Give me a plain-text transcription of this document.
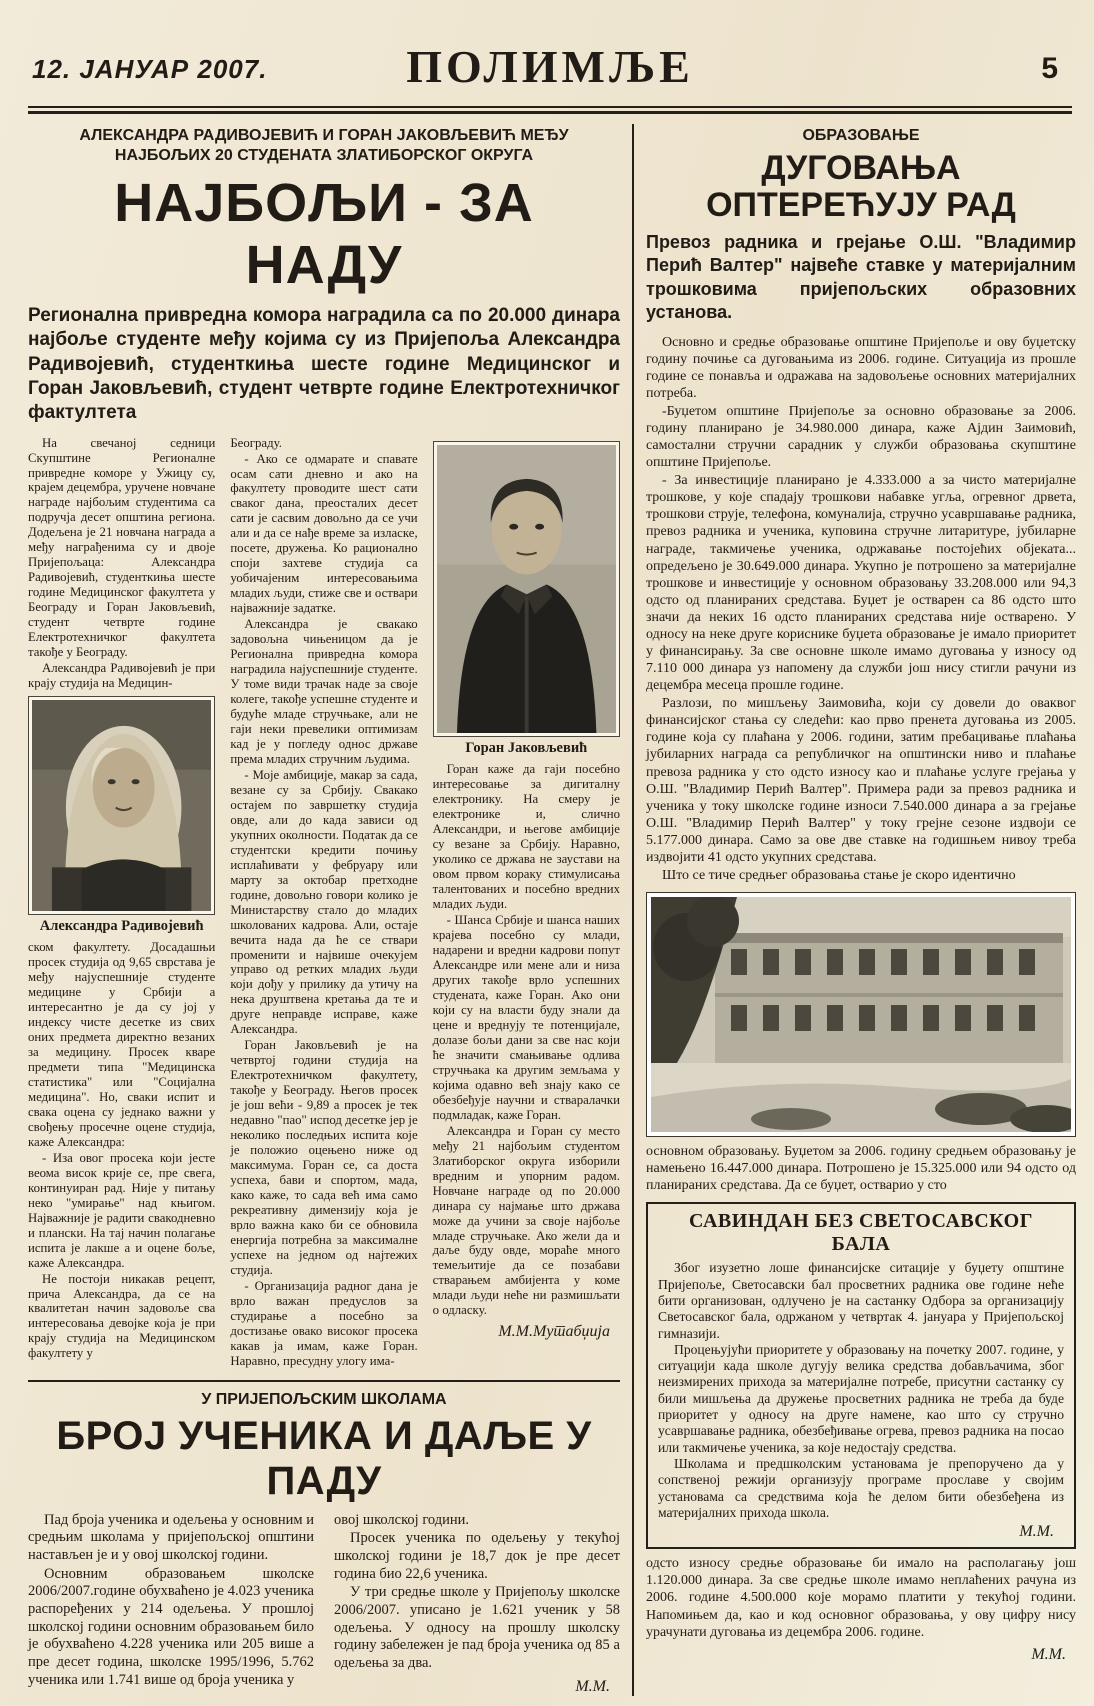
12. ЈАНУАР 2007.	ПОЛИМЉЕ	5
АЛЕКСАНДРА РАДИВОЈЕВИЋ И ГОРАН ЈАКОВЉЕВИЋ МЕЂУ НАЈБОЉИХ 20 СТУДЕНАТА ЗЛАТИБОРСКОГ ОКРУГА
НАЈБОЉИ - ЗА НАДУ

Регионална привредна комора наградила са по 20.000 динара најбоље студенте међу којима су из Пријепоља Александра Радивојевић, студенткиња шесте године Медицинског и Горан Јаковљевић, студент четврте године Електротехничког фактултета

На свечаној седници Скупштине Регионалне привредне коморе у Ужицу су, крајем децембра, уручене новчане награде најбољим студентима са подручја десет општина региона. Додељена је 21 новчана награда а међу награђенима су и двоје Пријепољаца: Александра Радивојевић, студенткиња шесте године Медицинског факултета у Београду и Горан Јаковљевић, студент четврте године Електротехничког факултета такође у Београду.

Александра Радивојевић је при крају студија на Медицин-

Александра Радивојевић

ском факултету. Досадашњи просек студија од 9,65 сврстава је међу најуспешније студенте медицине у Србији а интересантно је да су јој у индексу чисте десетке из свих оних предмета директно везаних за медицину. Просек кваре предмети типа "Медицинска статистика" или "Социјална медицина". Но, сваки испит и свака оцена су једнако важни у свођењу просечне оцене студија, каже Александра:

- Иза овог просека који јесте веома висок крије се, пре свега, континуиран рад. Није у питању неко "умирање" над књигом. Најважније је радити свакодневно и плански. На тај начин полагање испита је лакше а и оцене боље, каже Александра.

Не постоји никакав рецепт, прича Александра, да се на квалитетан начин задовоље сва интересовања девојке која је при крају студија на Медицинском факултету у

Београду.

- Ако се одмарате и спавате осам сати дневно и ако на факултету проводите шест сати сваког дана, преосталих десет сати је сасвим довољно да се учи али и да се нађе време за изласке, посете, дружења. Ко рационално споји захтеве студија са уобичајеним интересовањима младих људи, стиже све и оствари најважније задатке.

Александра је свакако задовољна чињеницом да је Регионална привредна комора наградила најуспешније студенте. У томе види трачак наде за своје колеге, такође успешне студенте и будуће младе стручњаке, али не гаји неки превелики оптимизам кад је у погледу однос државе према младих стручним људима.

- Моје амбиције, макар за сада, везане су за Србију. Свакако остајем по завршетку студија овде, али до када зависи од укупних околности. Податак да се студентски кредити почињу исплаћивати у фебруару или марту за октобар претходне године, довољно говори колико је Министарству стало до младих школованих кадрова. Али, остаје вечита нада да ће се ствари променити и највише очекујем управо од ретких младих људи који дођу у прилику да утичу на нека друштвена кретања да те и друге неправде исправе, каже Александра.

Горан Јаковљевић је на четвртој години студија на Електротехничком факултету, такође у Београду. Његов просек је још већи - 9,89 а просек је тек недавно "пао" испод десетке јер је неколико последњих испита које је положио оцењено ниже од максимума. Горан се, са доста успеха, бави и спортом, мада, како каже, то сада већ има само рекреативну димензију која је врло важна како би се обновила енергија потребна за максималне успехе на једном од најтежих студија.

- Организација радног дана је врло важан предуслов за студирање а посебно за достизање овако високог просека какав ја имам, каже Горан. Наравно, пресудну улогу има-

Горан Јаковљевић

Горан каже да гаји посебно интересовање за дигиталну електронику. На смеру је електронике и, слично Александри, и његове амбиције су везане за Србију. Наравно, уколико се држава не заустави на овом првом кораку стимулисања талентованих и посебно вредних младих људи.

- Шанса Србије и шанса наших крајева посебно су млади, надарени и вредни кадрови попут Александре или мене али и низа других такође врло успешних студената, каже Горан. Ако они који су на власти буду знали да цене и вреднују те потенцијале, долазе бољи дани за све нас који ће значити смањивање одлива стручњака ка другим земљама у којима одавно већ знају како се обезбеђује научни и стваралачки подмладак, каже Горан.

Александра и Горан су место међу 21 најбољим студентом Златиборског округа изборили вредним и упорним радом. Новчане награде од по 20.000 динара су најмање што држава може да учини за своје најбоље младе стручњаке. Ако жели да и даље буду овде, мораће много темељитије да се позабави стварањем амбијента у коме млади људи неће ни размишљати о одласку.

М.М.Мутабџија
У ПРИЈЕПОЉСКИМ ШКОЛАМА
БРОЈ УЧЕНИКА И ДАЉЕ У ПАДУ

Пад броја ученика и одељења у основним и средњим школама у пријепољској општини настављен је и у овој школској години.

Основним образовањем школске 2006/2007.године обухваћено је 4.023 ученика распоређених у 214 одељења. У прошлој школској години основним образовањем било је обухваћено 4.228 ученика или 205 више а пре десет година, школске 1995/1996, 5.762 ученика или 1.741 више од броја ученика у

овој школској години.

Просек ученика по одељењу у текућој школској години је 18,7 док је пре десет година био 22,6 ученика.

У три средње школе у Пријепољу школске 2006/2007. уписано је 1.621 ученик у 58 одељења. У односу на прошлу школску годину забележен је пад броја ученика од 85 а одељења за два.

М.М.
ОБРАЗОВАЊЕ
ДУГОВАЊА ОПТЕРЕЋУЈУ РАД

Превоз радника и грејање О.Ш. "Владимир Перић Валтер" највеће ставке у материјалним трошковима пријепољских образовних установа.

Основно и средње образовање општине Пријепоље и ову буџетску годину почиње са дуговањима из 2006. године. Ситуација из прошле године се понавља и одражава на задовољење основних материјалних потреба.

-Буџетом општине Пријепоље за основно образовање за 2006. годину планирано је 34.980.000 динара, каже Ајдин Заимовић, самостални стручни сарадник у служби образовања скупштине општине Пријепоље.

- За инвестиције планирано је 4.333.000 а за чисто материјалне трошкове, у које спадају трошкови набавке угља, огревног дрвета, трошкови струје, телефона, комуналија, стручно усавршавање радника, превоз радника и ученика, куповина стручне литаритуре, јубиларне награде, такмичење ученика, одржавање постојећих објеката... опредељено је 30.649.000 динара. Укупно је потрошено за материјалне трошкове и инвестиције у основном образовању 33.208.000 или 94,3 одсто од планираних средстава. Буџет је остварен са 86 одсто што значи да неких 16 одсто планираних средстава није остварено. У односу на неке друге кориснике буџета образовање је имало приоритет у финансирању. За све основне школе имамо дуговања у износу од 7.110 000 динара уз напомену да служби још нису стигли рачуни из децембра месеца прошле године.

Разлози, по мишљењу Заимовића, који су довели до оваквог финансијског стања су следећи: као прво пренета дуговања из 2005. године која су плаћана у 2006. години, затим пребацивање плаћања јубиларних награда са републичког на општински ниво и плаћање превоза радника у сто одсто износу као и плаћање услуге грејања у О.Ш. "Владимир Перић Валтер". Примера ради за превоз радника и ученика у току школске године износи 7.540.000 динара а за грејање О.Ш. "Владимир Перић Валтер" у току грејне сезоне издвоји се 5.177.000 динара. Само за ове две ставке на годишњем нивоу треба издвојити 41 одсто укупних средстава.

Што се тиче средњег образовања стање је скоро идентично

основном образовању. Буџетом за 2006. годину средњем образовању је намењено 16.447.000 динара. Потрошено је 15.325.000 или 94 одсто од планираних средстава. Да се буџет, остварио у сто

САВИНДАН БЕЗ СВЕТОСАВСКОГ БАЛА

Због изузетно лоше финансијске ситације у буџету општине Пријепоље, Светосавски бал просветних радника ове године неће бити организован, одлучено је на састанку Одбора за организацију Светосавског бала, одржаном у четвртак 4. јануара у Пријепољској гимназији.

Процењујући приоритете у образовању на почетку 2007. године, у ситуацији када школе дугују велика средства добављачима, због неизмирених прихода за материјалне потребе, присутни састанку су били мишљења да дружење просветних радника не треба да буде приоритет у односу на друге намене, као што су стручно усавршавање радника, обезбеђивање огрева, превоз радника на посао или такмичење ученика, за које недостају средства.

Школама и предшколским установама је препоручено да у сопственој режији организују програме прославе у својим установама са средствима која ће делом бити обезбеђена из материјалних прихода школа.

М.М.

одсто износу средње образовање би имало на располагању још 1.120.000 динара. За све средње школе имамо неплаћених рачуна из 2006. године 4.500.000 које морамо платити у текућој години. Напомињем да, као и код основног образовања, у ову цифру нису урачунати дуговања из децембра 2006. године.

М.М.
